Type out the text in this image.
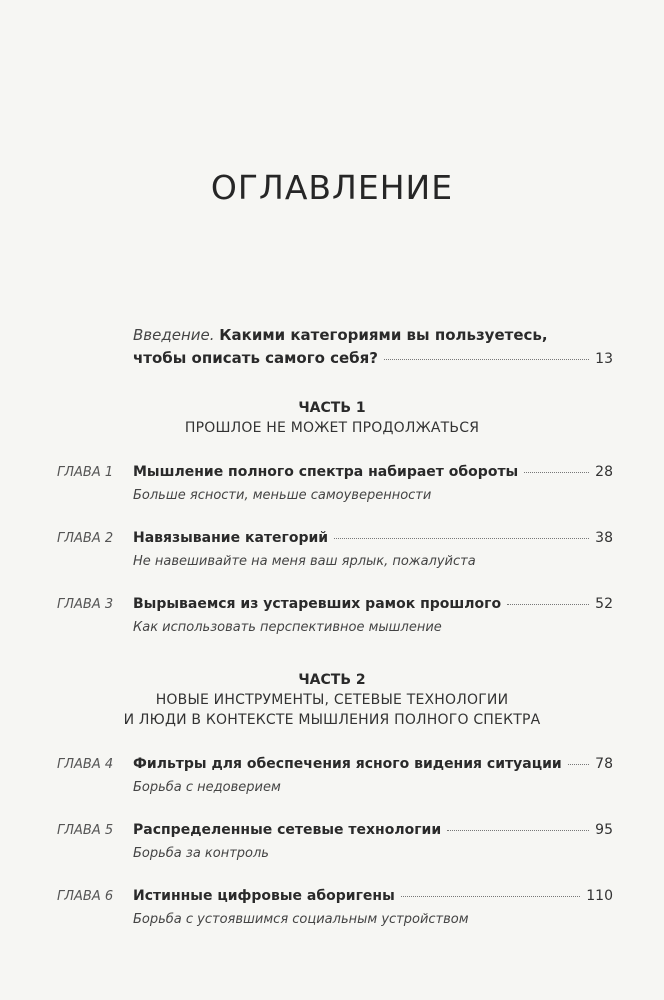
ОГЛАВЛЕНИЕ
Введение. Какими категориями вы пользуетесь,
чтобы описать самого себя?	13
ЧАСТЬ 1
ПРОШЛОЕ НЕ МОЖЕТ ПРОДОЛЖАТЬСЯ
ГЛАВА 1	Мышление полного спектра набирает обороты	28
Больше ясности, меньше самоуверенности
ГЛАВА 2	Навязывание категорий	38
Не навешивайте на меня ваш ярлык, пожалуйста
ГЛАВА 3	Вырываемся из устаревших рамок прошлого	52
Как использовать перспективное мышление
ЧАСТЬ 2
НОВЫЕ ИНСТРУМЕНТЫ, СЕТЕВЫЕ ТЕХНОЛОГИИ
И ЛЮДИ В КОНТЕКСТЕ МЫШЛЕНИЯ ПОЛНОГО СПЕКТРА
ГЛАВА 4	Фильтры для обеспечения ясного видения ситуации 78
Борьба с недоверием
ГЛАВА 5	Распределенные сетевые технологии	95
Борьба за контроль
ГЛАВА 6	Истинные цифровые аборигены	110
Борьба с устоявшимся социальным устройством
